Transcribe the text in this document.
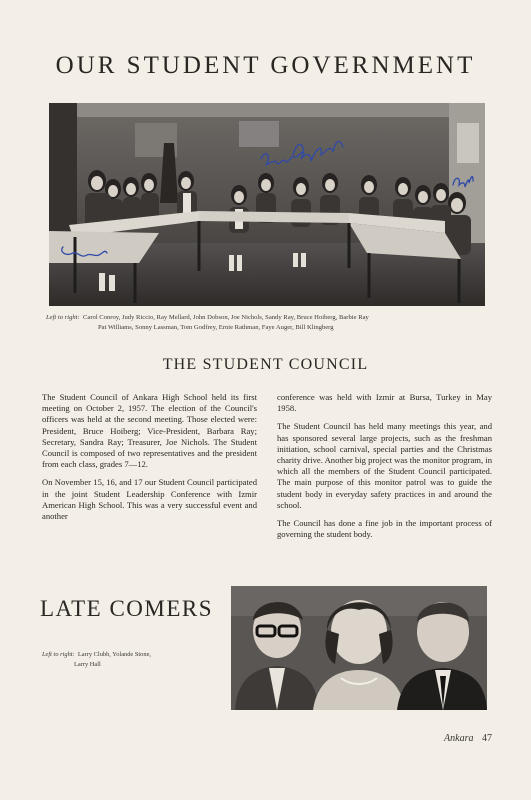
OUR STUDENT GOVERNMENT
Left to right: Carol Conroy, Judy Riccio, Ray Mellard, John Dobson, Joe Nichols, Sandy Ray, Bruce Hoiberg, Barbie Ray
Pat Williams, Sonny Lassman, Tom Godfrey, Ernie Rathman, Faye Auger, Bill Klingberg
THE STUDENT COUNCIL

The Student Council of Ankara High School held its first meeting on October 2, 1957. The election of the Council's officers was held at the second meeting. Those elected were: President, Bruce Hoiberg; Vice-President, Barbara Ray; Secretary, Sandra Ray; Treasurer, Joe Nichols. The Student Council is composed of two representatives and the president from each class, grades 7—12.

On November 15, 16, and 17 our Student Council participated in the joint Student Leadership Conference with Izmir American High School. This was a very successful event and another

conference was held with Izmir at Bursa, Turkey in May 1958.

The Student Council has held many meetings this year, and has sponsored several large projects, such as the freshman initiation, school carnival, special parties and the Christmas charity drive. Another big project was the monitor program, in which all the members of the Student Council participated. The main purpose of this monitor patrol was to guide the student body in everyday safety practices in and around the school.

The Council has done a fine job in the important process of governing the student body.

LATE COMERS
Left to right: Larry Clubb, Yolande Stone,
Larry Hall
Ankara 47
